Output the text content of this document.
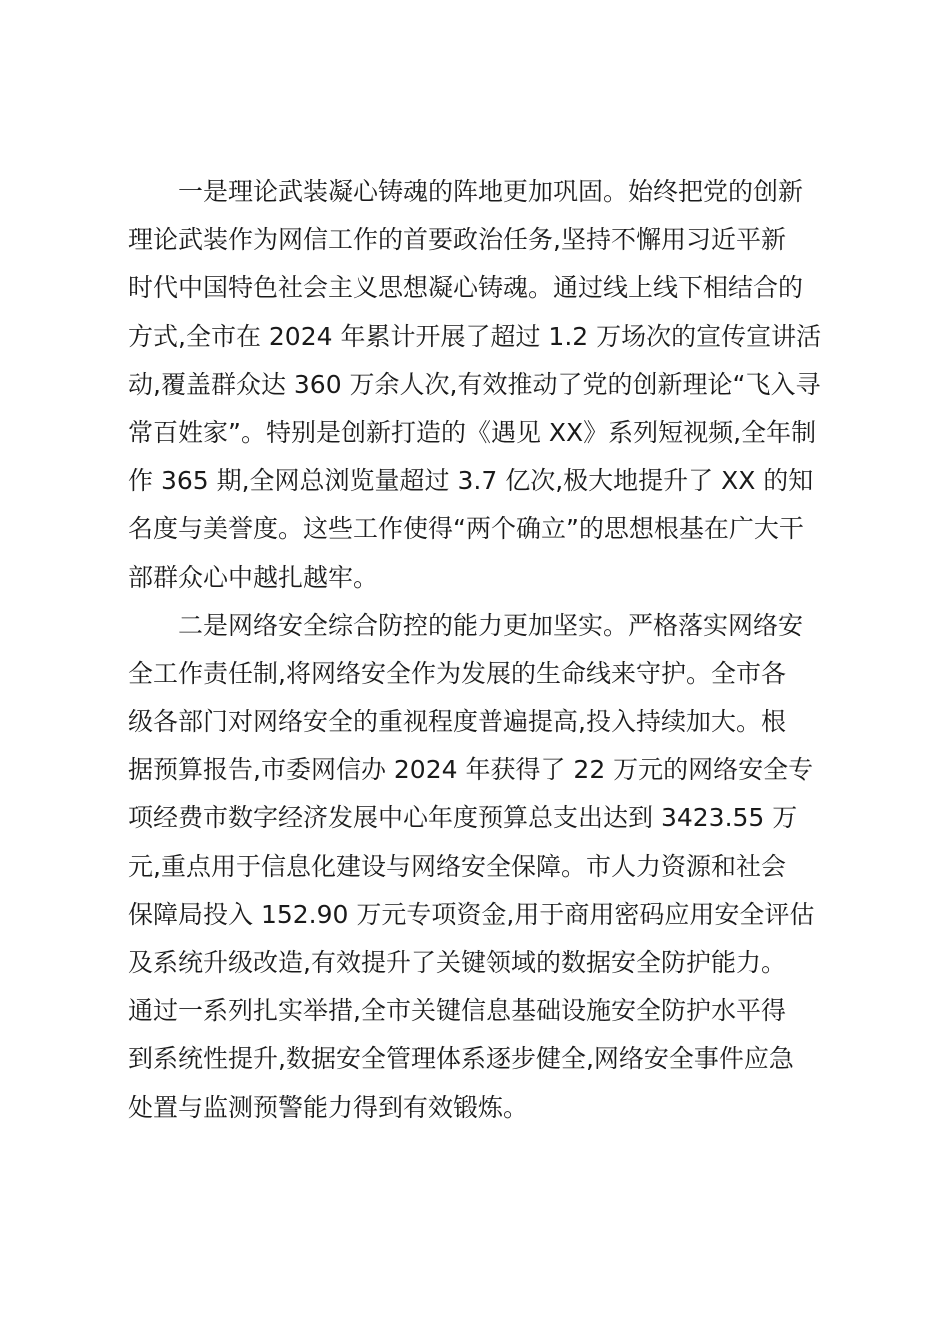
一是理论武装凝心铸魂的阵地更加巩固。始终把党的创新
理论武装作为网信工作的首要政治任务,坚持不懈用习近平新
时代中国特色社会主义思想凝心铸魂。通过线上线下相结合的
方式,全市在 2024 年累计开展了超过 1.2 万场次的宣传宣讲活
动,覆盖群众达 360 万余人次,有效推动了党的创新理论“飞入寻
常百姓家”。特别是创新打造的《遇见 XX》系列短视频,全年制
作 365 期,全网总浏览量超过 3.7 亿次,极大地提升了 XX 的知
名度与美誉度。这些工作使得“两个确立”的思想根基在广大干
部群众心中越扎越牢。
二是网络安全综合防控的能力更加坚实。严格落实网络安
全工作责任制,将网络安全作为发展的生命线来守护。全市各
级各部门对网络安全的重视程度普遍提高,投入持续加大。根
据预算报告,市委网信办 2024 年获得了 22 万元的网络安全专
项经费市数字经济发展中心年度预算总支出达到 3423.55 万
元,重点用于信息化建设与网络安全保障。市人力资源和社会
保障局投入 152.90 万元专项资金,用于商用密码应用安全评估
及系统升级改造,有效提升了关键领域的数据安全防护能力。
通过一系列扎实举措,全市关键信息基础设施安全防护水平得
到系统性提升,数据安全管理体系逐步健全,网络安全事件应急
处置与监测预警能力得到有效锻炼。
